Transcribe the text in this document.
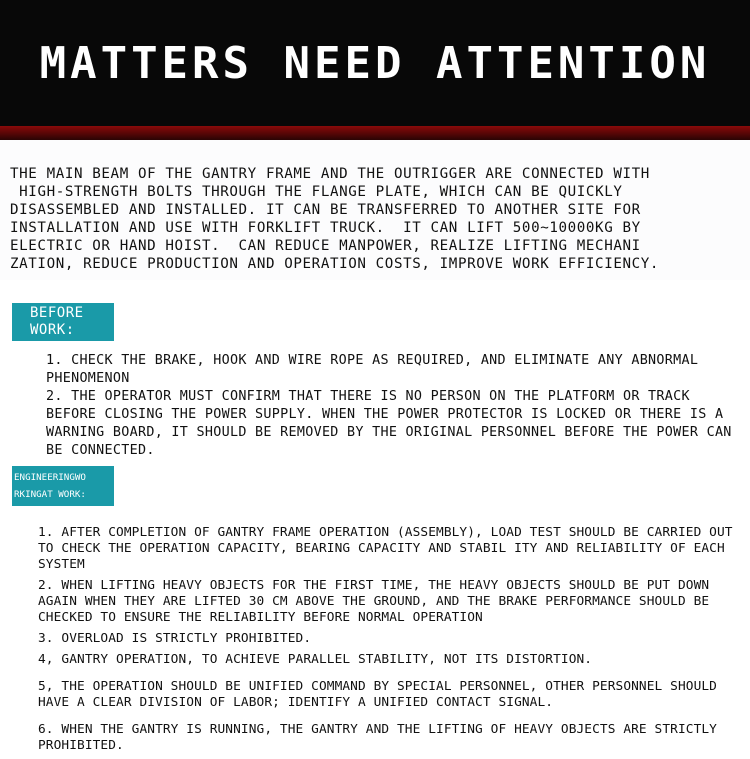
MATTERS NEED ATTENTION

THE MAIN BEAM OF THE GANTRY FRAME AND THE OUTRIGGER ARE CONNECTED WITH
HIGH-STRENGTH BOLTS THROUGH THE FLANGE PLATE, WHICH CAN BE QUICKLY
DISASSEMBLED AND INSTALLED. IT CAN BE TRANSFERRED TO ANOTHER SITE FOR
INSTALLATION AND USE WITH FORKLIFT TRUCK.  IT CAN LIFT 500~10000KG BY
ELECTRIC OR HAND HOIST.  CAN REDUCE MANPOWER, REALIZE LIFTING MECHANI
ZATION, REDUCE PRODUCTION AND OPERATION COSTS, IMPROVE WORK EFFICIENCY.

BEFORE
WORK:

1. CHECK THE BRAKE, HOOK AND WIRE ROPE AS REQUIRED, AND ELIMINATE ANY ABNORMAL PHENOMENON

2. THE OPERATOR MUST CONFIRM THAT THERE IS NO PERSON ON THE PLATFORM OR TRACK BEFORE CLOSING THE POWER SUPPLY. WHEN THE POWER PROTECTOR IS LOCKED OR THERE IS A WARNING BOARD, IT SHOULD BE REMOVED BY THE ORIGINAL PERSONNEL BEFORE THE POWER CAN BE CONNECTED.

ENGINEERINGWO
RKINGAT WORK:

1. AFTER COMPLETION OF GANTRY FRAME OPERATION (ASSEMBLY), LOAD TEST SHOULD BE CARRIED OUT TO CHECK THE OPERATION CAPACITY, BEARING CAPACITY AND STABIL ITY AND RELIABILITY OF EACH SYSTEM

2. WHEN LIFTING HEAVY OBJECTS FOR THE FIRST TIME, THE HEAVY OBJECTS SHOULD BE PUT DOWN AGAIN WHEN THEY ARE LIFTED 30 CM ABOVE THE GROUND, AND THE BRAKE PERFORMANCE SHOULD BE CHECKED TO ENSURE THE RELIABILITY BEFORE NORMAL OPERATION

3. OVERLOAD IS STRICTLY PROHIBITED.

4, GANTRY OPERATION, TO ACHIEVE PARALLEL STABILITY, NOT ITS DISTORTION.

5, THE OPERATION SHOULD BE UNIFIED COMMAND BY SPECIAL PERSONNEL, OTHER PERSONNEL SHOULD HAVE A CLEAR DIVISION OF LABOR; IDENTIFY A UNIFIED CONTACT SIGNAL.

6. WHEN THE GANTRY IS RUNNING, THE GANTRY AND THE LIFTING OF HEAVY OBJECTS ARE STRICTLY PROHIBITED.
